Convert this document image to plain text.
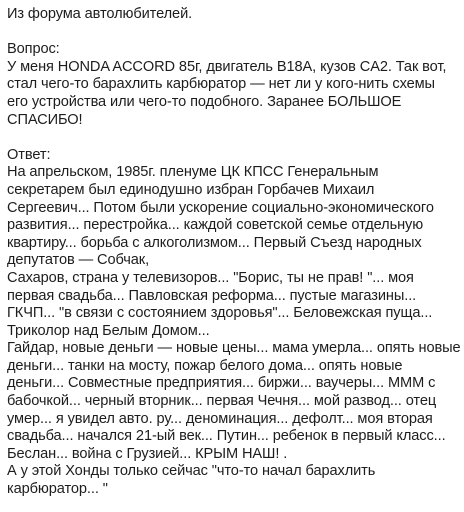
Из форума автолюбителей.
Вопрос:
У меня HONDA ACCORD 85г, двигатель B18A, кузов CA2. Так вот,
стал чего-то барахлить карбюратор — нет ли у кого-нить схемы
его устройства или чего-то подобного. Заранее БОЛЬШОЕ
СПАСИБО!
Ответ:
На апрельском, 1985г. пленуме ЦК КПСС Генеральным
секретарем был единодушно избран Горбачев Михаил
Сергеевич... Потом были ускорение социально-экономического
развития... перестройка... каждой советской семье отдельную
квартиру... борьба с алкоголизмом... Первый Съезд народных
депутатов — Собчак,
Сахаров, страна у телевизоров... "Борис, ты не прав! "... моя
первая свадьба... Павловская реформа... пустые магазины...
ГКЧП... "в связи с состоянием здоровья"... Беловежская пуща...
Триколор над Белым Домом...
Гайдар, новые деньги — новые цены... мама умерла... опять новые
деньги... танки на мосту, пожар белого дома... опять новые
деньги... Совместные предприятия... биржи... ваучеры... МММ с
бабочкой... черный вторник... первая Чечня... мой развод... отец
умер... я увидел авто. ру... деноминация... дефолт... моя вторая
свадьба... начался 21-ый век... Путин... ребенок в первый класс...
Беслан... война с Грузией... КРЫМ НАШ! .
А у этой Хонды только сейчас "что-то начал барахлить
карбюратор... "
